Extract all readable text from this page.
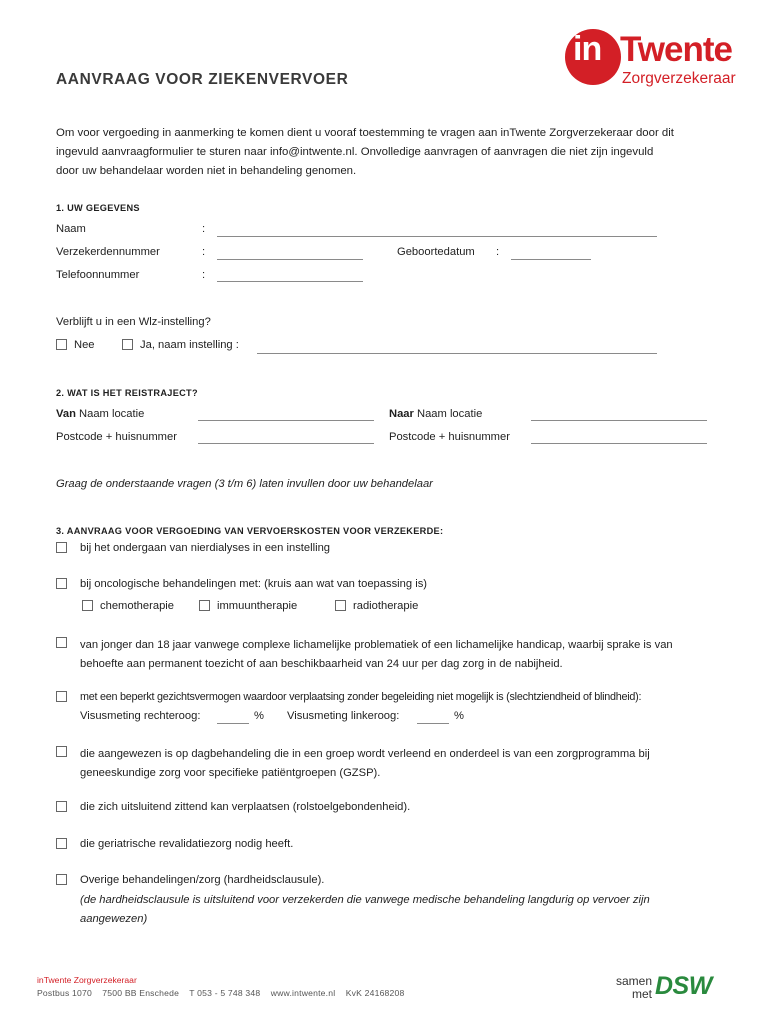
in Twente
Zorgverzekeraar
AANVRAAG VOOR ZIEKENVERVOER
Om voor vergoeding in aanmerking te komen dient u vooraf toestemming te vragen aan inTwente Zorgverzekeraar door dit
ingevuld aanvraagformulier te sturen naar info@intwente.nl. Onvolledige aanvragen of aanvragen die niet zijn ingevuld
door uw behandelaar worden niet in behandeling genomen.
1. UW GEGEVENS
Naam	:
Verzekerdennummer	:	Geboortedatum :
Telefoonnummer	:
Verblijft u in een Wlz-instelling?
Nee	Ja, naam instelling :
2. WAT IS HET REISTRAJECT?
Van Naam locatie	Naar Naam locatie
Postcode + huisnummer	Postcode + huisnummer
Graag de onderstaande vragen (3 t/m 6) laten invullen door uw behandelaar
3. AANVRAAG VOOR VERGOEDING VAN VERVOERSKOSTEN VOOR VERZEKERDE:
bij het ondergaan van nierdialyses in een instelling
bij oncologische behandelingen met: (kruis aan wat van toepassing is)
chemotherapie	immuuntherapie	radiotherapie
van jonger dan 18 jaar vanwege complexe lichamelijke problematiek of een lichamelijke handicap, waarbij sprake is van
behoefte aan permanent toezicht of aan beschikbaarheid van 24 uur per dag zorg in de nabijheid.
met een beperkt gezichtsvermogen waardoor verplaatsing zonder begeleiding niet mogelijk is (slechtziendheid of blindheid):
Visusmeting rechteroog:	% Visusmeting linkeroog:	%
die aangewezen is op dagbehandeling die in een groep wordt verleend en onderdeel is van een zorgprogramma bij
geneeskundige zorg voor specifieke patiëntgroepen (GZSP).
die zich uitsluitend zittend kan verplaatsen (rolstoelgebondenheid).
die geriatrische revalidatiezorg nodig heeft.
Overige behandelingen/zorg (hardheidsclausule).
(de hardheidsclausule is uitsluitend voor verzekerden die vanwege medische behandeling langdurig op vervoer zijn
aangewezen)
inTwente Zorgverzekeraar
Postbus 1070    7500 BB Enschede    T 053 - 5 748 348    www.intwente.nl    KvK 24168208
samen
met DSW
